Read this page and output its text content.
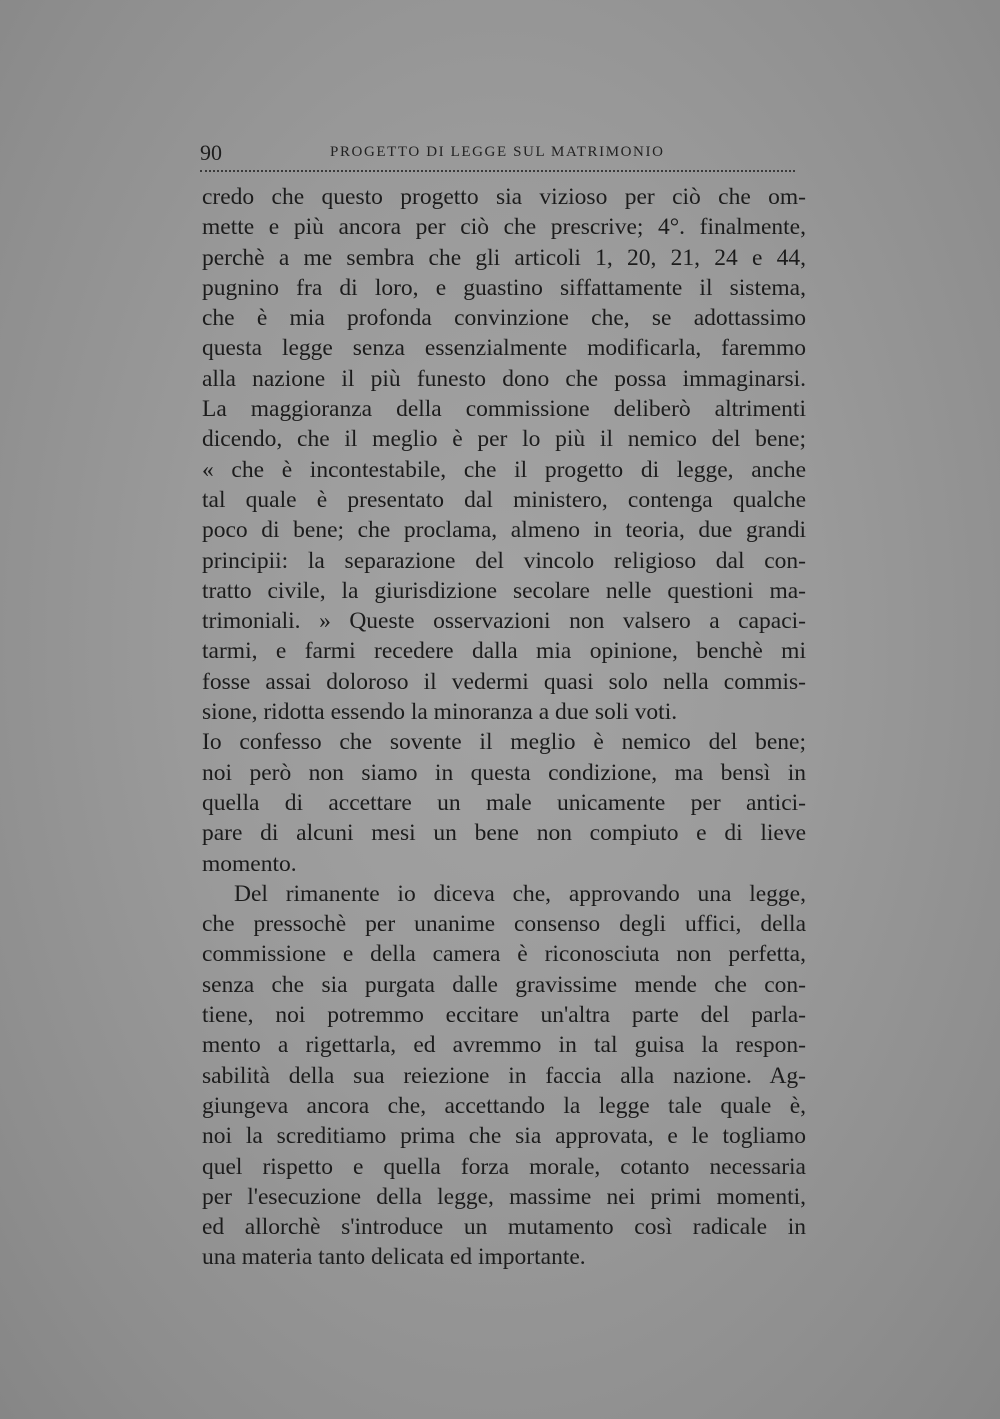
90	PROGETTO DI LEGGE SUL MATRIMONIO
credo che questo progetto sia vizioso per ciò che om-
mette e più ancora per ciò che prescrive; 4°. finalmente,
perchè a me sembra che gli articoli 1, 20, 21, 24 e 44,
pugnino fra di loro, e guastino siffattamente il sistema,
che è mia profonda convinzione che, se adottassimo
questa legge senza essenzialmente modificarla, faremmo
alla nazione il più funesto dono che possa immaginarsi.
La maggioranza della commissione deliberò altrimenti
dicendo, che il meglio è per lo più il nemico del bene;
« che è incontestabile, che il progetto di legge, anche
tal quale è presentato dal ministero, contenga qualche
poco di bene; che proclama, almeno in teoria, due grandi
principii: la separazione del vincolo religioso dal con-
tratto civile, la giurisdizione secolare nelle questioni ma-
trimoniali. » Queste osservazioni non valsero a capaci-
tarmi, e farmi recedere dalla mia opinione, benchè mi
fosse assai doloroso il vedermi quasi solo nella commis-
sione, ridotta essendo la minoranza a due soli voti.
Io confesso che sovente il meglio è nemico del bene;
noi però non siamo in questa condizione, ma bensì in
quella di accettare un male unicamente per antici-
pare di alcuni mesi un bene non compiuto e di lieve
momento.
Del rimanente io diceva che, approvando una legge,
che pressochè per unanime consenso degli uffici, della
commissione e della camera è riconosciuta non perfetta,
senza che sia purgata dalle gravissime mende che con-
tiene, noi potremmo eccitare un'altra parte del parla-
mento a rigettarla, ed avremmo in tal guisa la respon-
sabilità della sua reiezione in faccia alla nazione. Ag-
giungeva ancora che, accettando la legge tale quale è,
noi la screditiamo prima che sia approvata, e le togliamo
quel rispetto e quella forza morale, cotanto necessaria
per l'esecuzione della legge, massime nei primi momenti,
ed allorchè s'introduce un mutamento così radicale in
una materia tanto delicata ed importante.
